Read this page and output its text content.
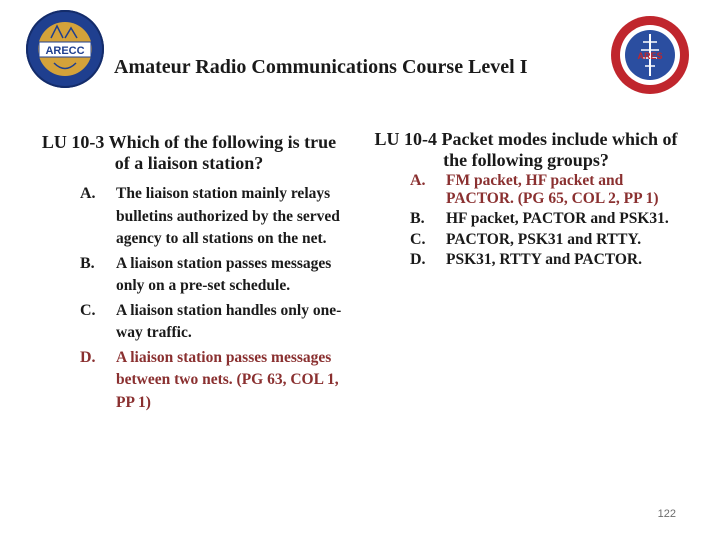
ARECC	ARES
Amateur Radio Communications Course Level I
LU 10-3 Which of the following is true of a liaison station?
A.	The liaison station mainly relays bulletins authorized by the served agency to all stations on the net.
B.	A liaison station passes messages only on a pre-set schedule.
C.	A liaison station handles only one-way traffic.
D.	A liaison station passes messages between two nets. (PG 63, COL 1, PP 1)
LU 10-4 Packet modes include which of the following groups?
A.	FM packet, HF packet and PACTOR. (PG 65, COL 2, PP 1)
B.	HF packet, PACTOR and PSK31.
C.	PACTOR, PSK31 and RTTY.
D.	PSK31, RTTY and PACTOR.
122
